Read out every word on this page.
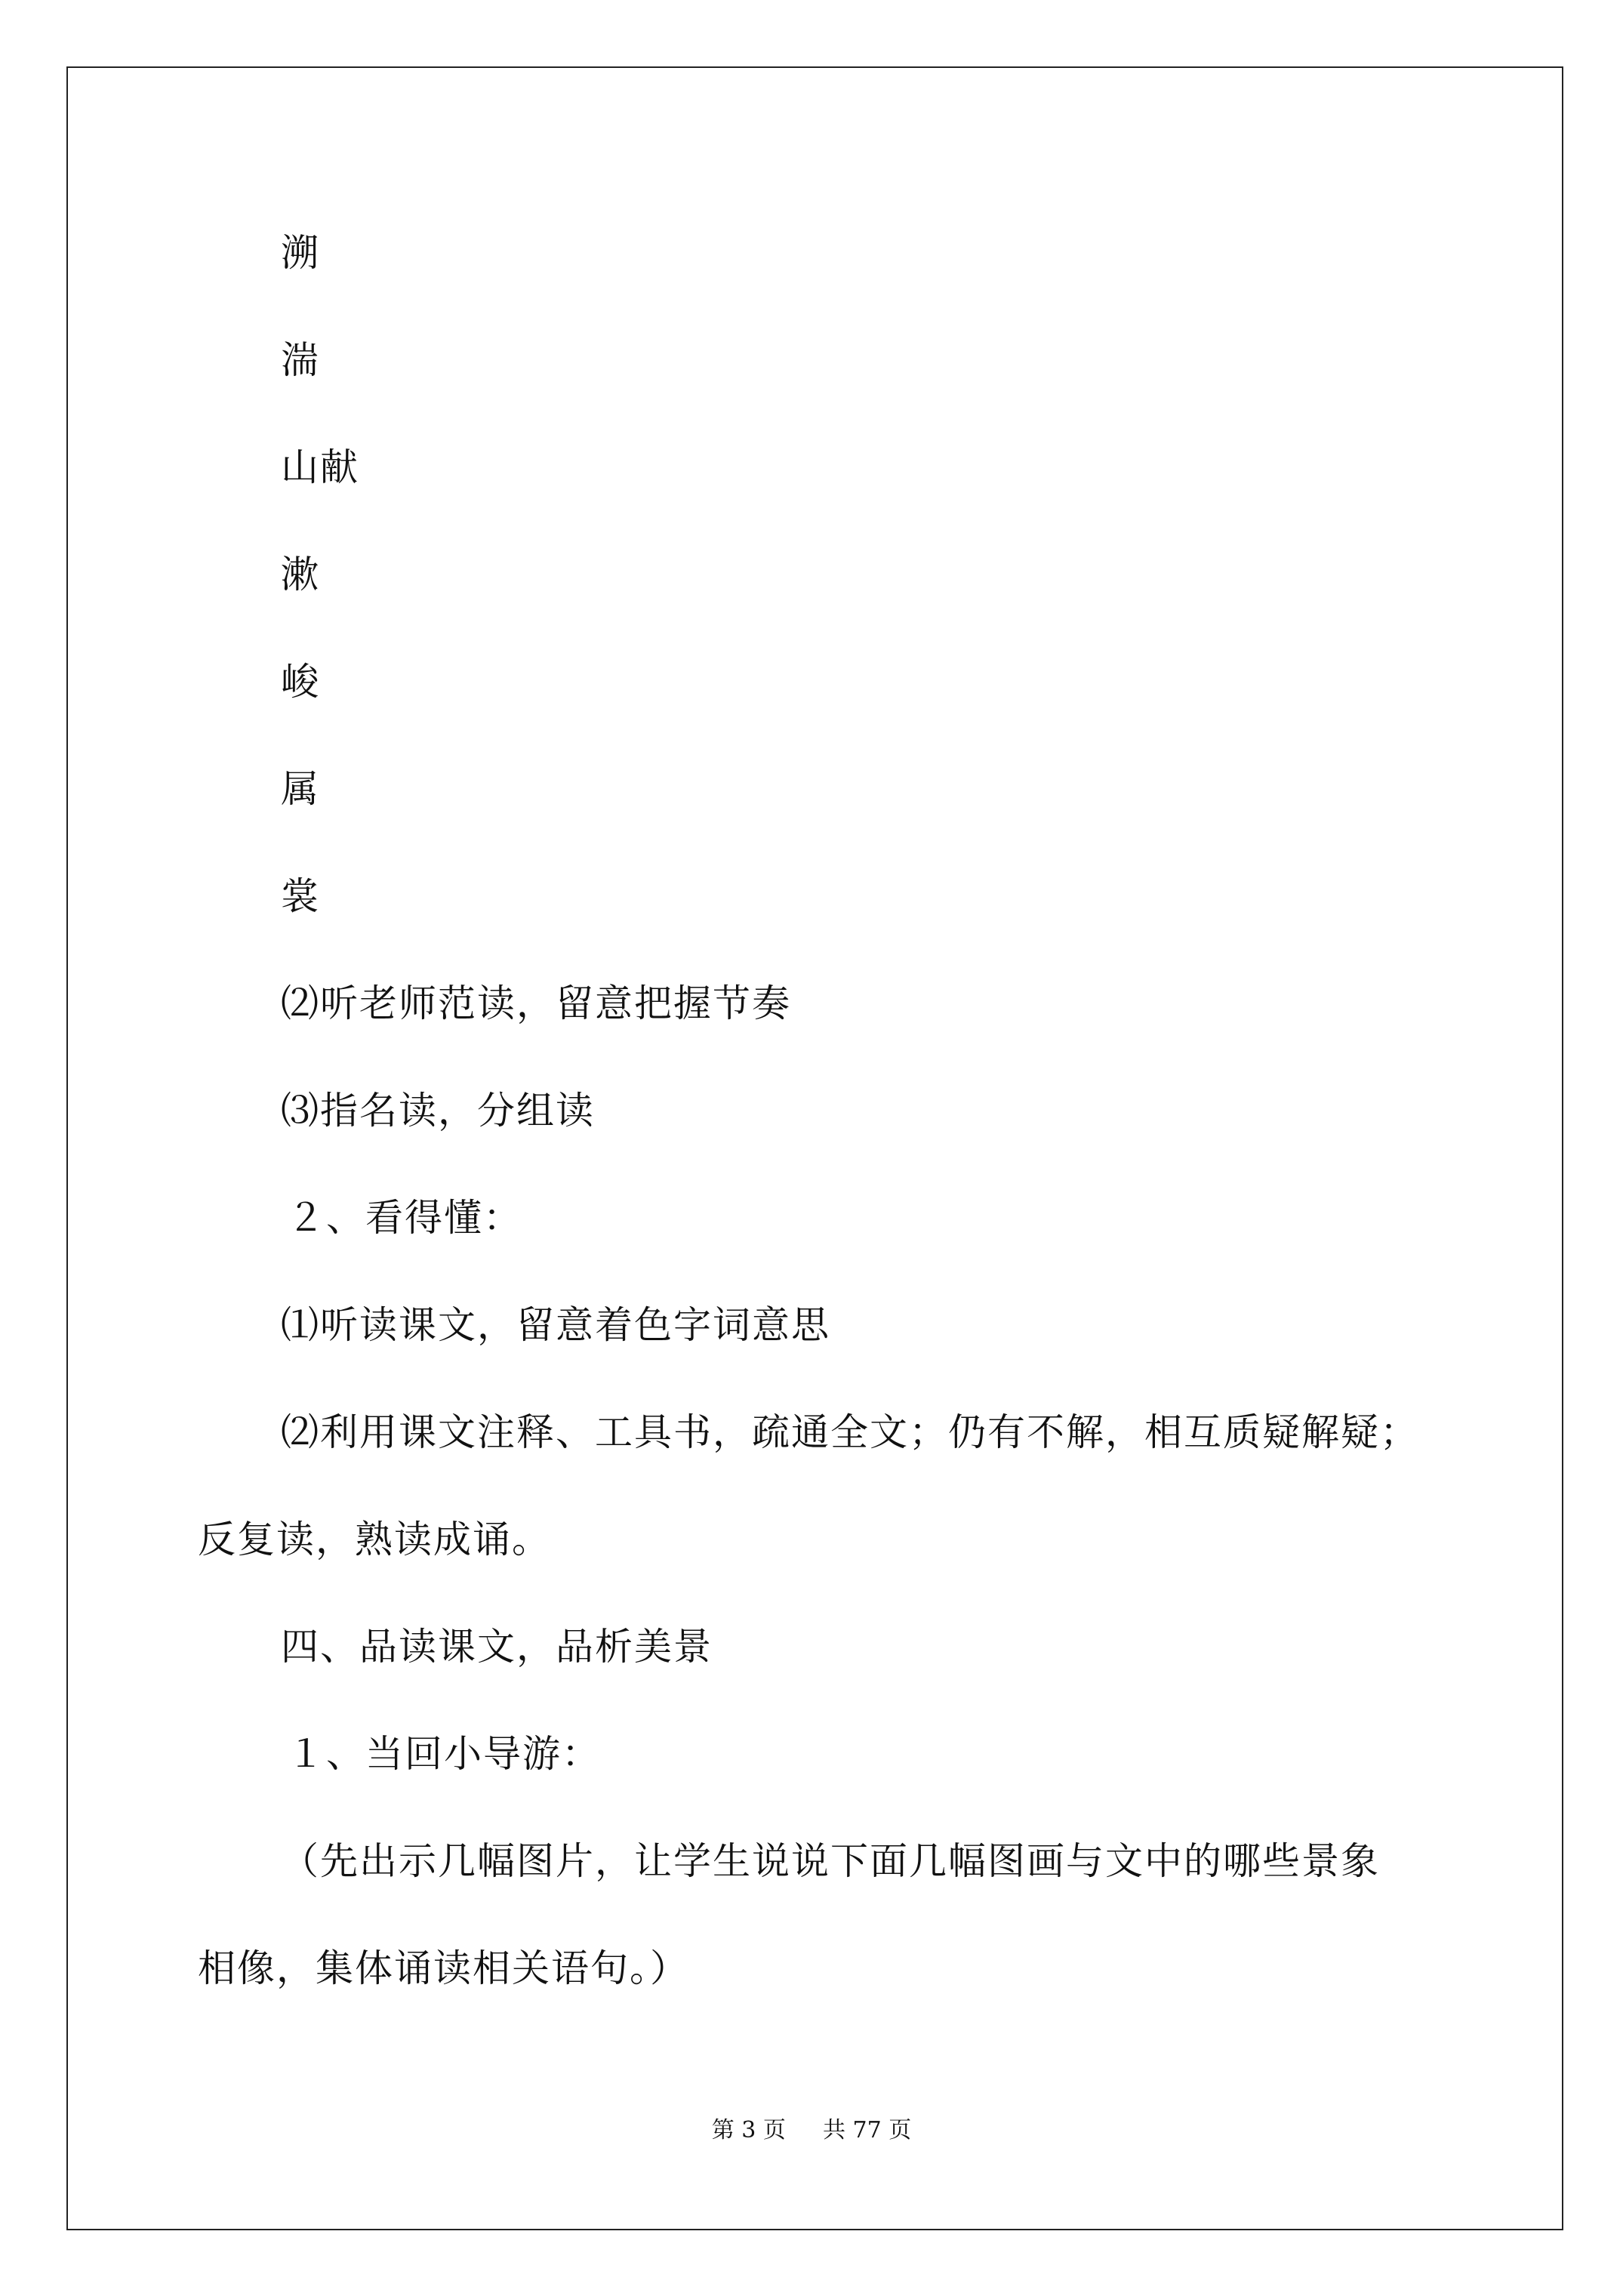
溯
湍
山献
漱
峻
属
裳
⑵听老师范读，留意把握节奏
⑶指名读，分组读
２、看得懂：
⑴听读课文，留意着色字词意思
⑵利用课文注释、工具书，疏通全文；仍有不解，相互质疑解疑；
反复读，熟读成诵。
四、品读课文，品析美景
１、当回小导游：
（先出示几幅图片，让学生说说下面几幅图画与文中的哪些景象
相像，集体诵读相关语句。）
第 3 页 共 77 页
